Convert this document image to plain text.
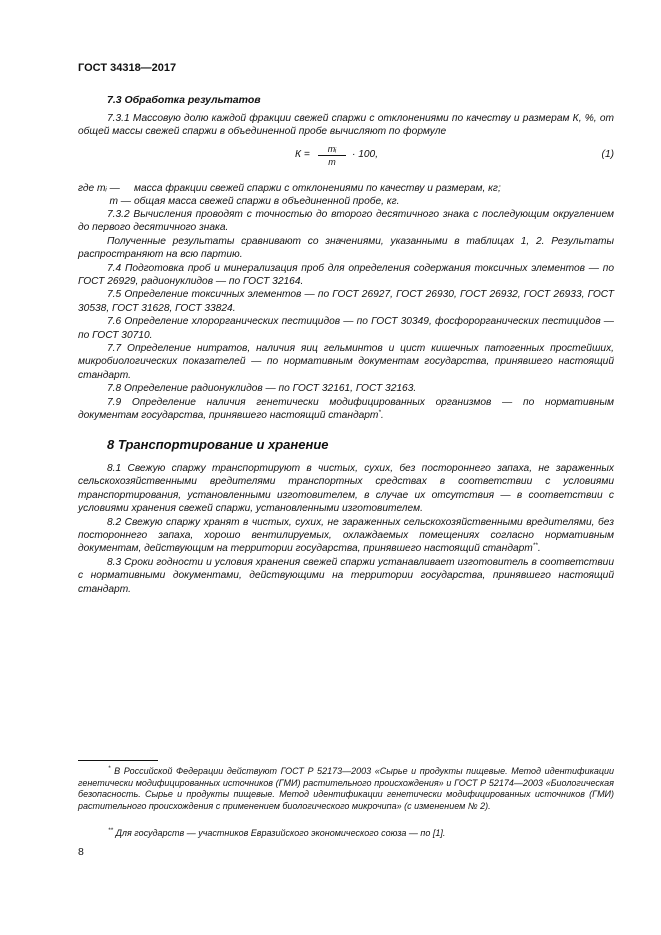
ГОСТ 34318—2017
7.3 Обработка результатов

7.3.1 Массовую долю каждой фракции свежей спаржи с отклонениями по качеству и размерам К, %, от общей массы свежей спаржи в объединенной пробе вычисляют по формуле

$К = \frac{\text{mᵢ}}{m} \cdot 100$,	(1)
где mᵢ —	масса фракции свежей спаржи с отклонениями по качеству и размерам, кг;
m — общая масса свежей спаржи в объединенной пробе, кг.

7.3.2 Вычисления проводят с точностью до второго десятичного знака с последующим округлением до первого десятичного знака.

Полученные результаты сравнивают со значениями, указанными в таблицах 1, 2. Результаты распространяют на всю партию.

7.4 Подготовка проб и минерализация проб для определения содержания токсичных элементов — по ГОСТ 26929, радионуклидов — по ГОСТ 32164.

7.5 Определение токсичных элементов — по ГОСТ 26927, ГОСТ 26930, ГОСТ 26932, ГОСТ 26933, ГОСТ 30538, ГОСТ 31628, ГОСТ 33824.

7.6 Определение хлорорганических пестицидов — по ГОСТ 30349, фосфорорганических пестицидов — по ГОСТ 30710.

7.7 Определение нитратов, наличия яиц гельминтов и цист кишечных патогенных простейших, микробиологических показателей — по нормативным документам государства, принявшего настоящий стандарт.

7.8 Определение радионуклидов — по ГОСТ 32161, ГОСТ 32163.

7.9 Определение наличия генетически модифицированных организмов — по нормативным документам государства, принявшего настоящий стандарт*.

8 Транспортирование и хранение

8.1 Свежую спаржу транспортируют в чистых, сухих, без постороннего запаха, не зараженных сельскохозяйственными вредителями транспортных средствах в соответствии с условиями транспортирования, установленными изготовителем, в случае их отсутствия — в соответствии с условиями хранения свежей спаржи, установленными изготовителем.

8.2 Свежую спаржу хранят в чистых, сухих, не зараженных сельскохозяйственными вредителями, без постороннего запаха, хорошо вентилируемых, охлаждаемых помещениях согласно нормативным документам, действующим на территории государства, принявшего настоящий стандарт**.

8.3 Сроки годности и условия хранения свежей спаржи устанавливает изготовитель в соответствии с нормативными документами, действующими на территории государства, принявшего настоящий стандарт.

* В Российской Федерации действуют ГОСТ Р 52173—2003 «Сырье и продукты пищевые. Метод идентификации генетически модифицированных источников (ГМИ) растительного происхождения» и ГОСТ Р 52174—2003 «Биологическая безопасность. Сырье и продукты пищевые. Метод идентификации генетически модифицированных источников (ГМИ) растительного происхождения с применением биологического микрочипа» (с изменением № 2).

** Для государств — участников Евразийского экономического союза — по [1].

8
